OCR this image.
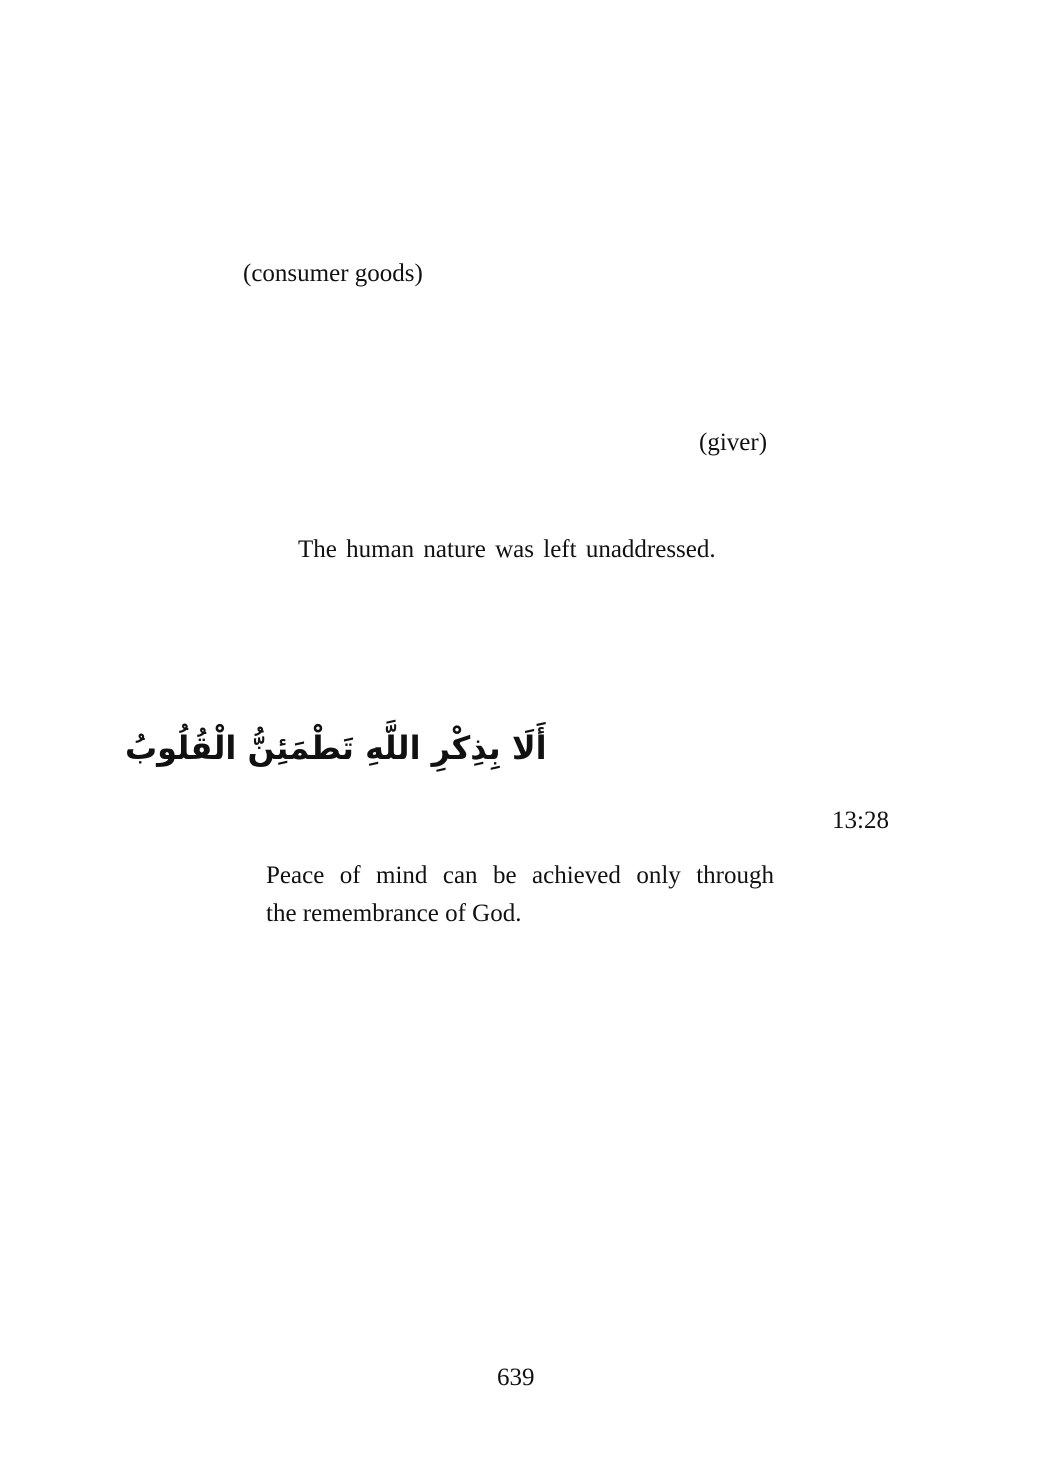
(consumer goods)
(giver)
The human nature was left unaddressed.
أَلَا بِذِكْرِ اللَّهِ تَطْمَئِنُّ الْقُلُوبُ
13:28
Peace of mind can be achieved only through
the remembrance of God.
639
